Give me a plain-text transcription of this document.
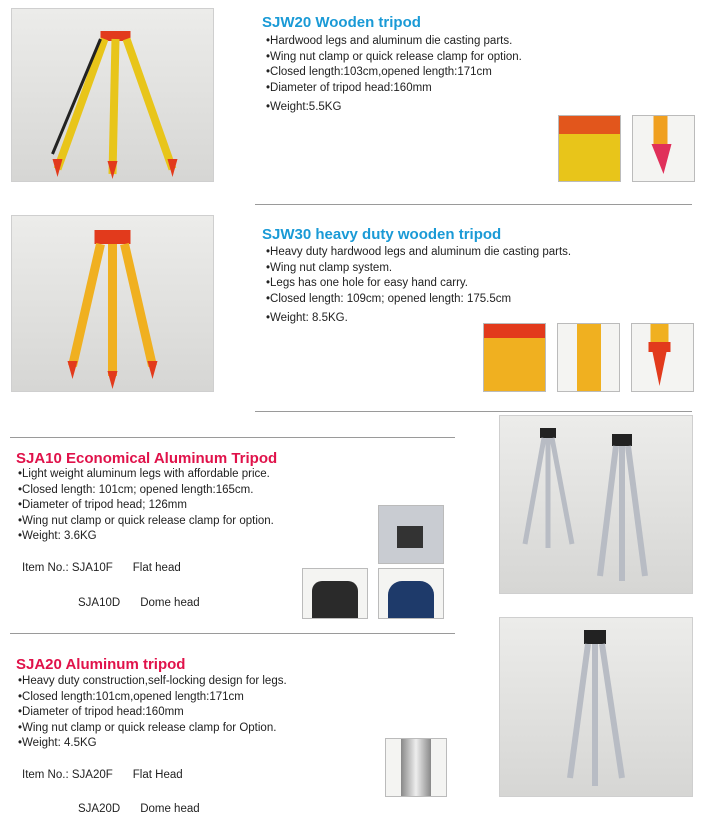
SJW20 Wooden tripod
•Hardwood legs and aluminum die casting parts.
•Wing nut clamp or quick release clamp for option.
•Closed length:103cm,opened length:171cm
•Diameter of tripod head:160mm
•Weight:5.5KG
SJW30 heavy duty wooden tripod
•Heavy duty hardwood legs and aluminum die casting parts.
•Wing nut clamp system.
•Legs has one hole for easy hand carry.
•Closed length: 109cm; opened length: 175.5cm
•Weight: 8.5KG.
SJA10 Economical Aluminum Tripod
•Light weight aluminum legs with affordable price.
•Closed length: 101cm; opened length:165cm.
•Diameter of tripod head; 126mm
•Wing nut clamp or quick release clamp for option.
•Weight: 3.6KG

Item No.: SJA10F Flat head

SJA10D Dome head
SJA20 Aluminum tripod
•Heavy duty construction,self-locking design for legs.
•Closed length:101cm,opened length:171cm
•Diameter of tripod head:160mm
•Wing nut clamp or quick release clamp for Option.
•Weight: 4.5KG

Item No.: SJA20F Flat Head

SJA20D Dome head
